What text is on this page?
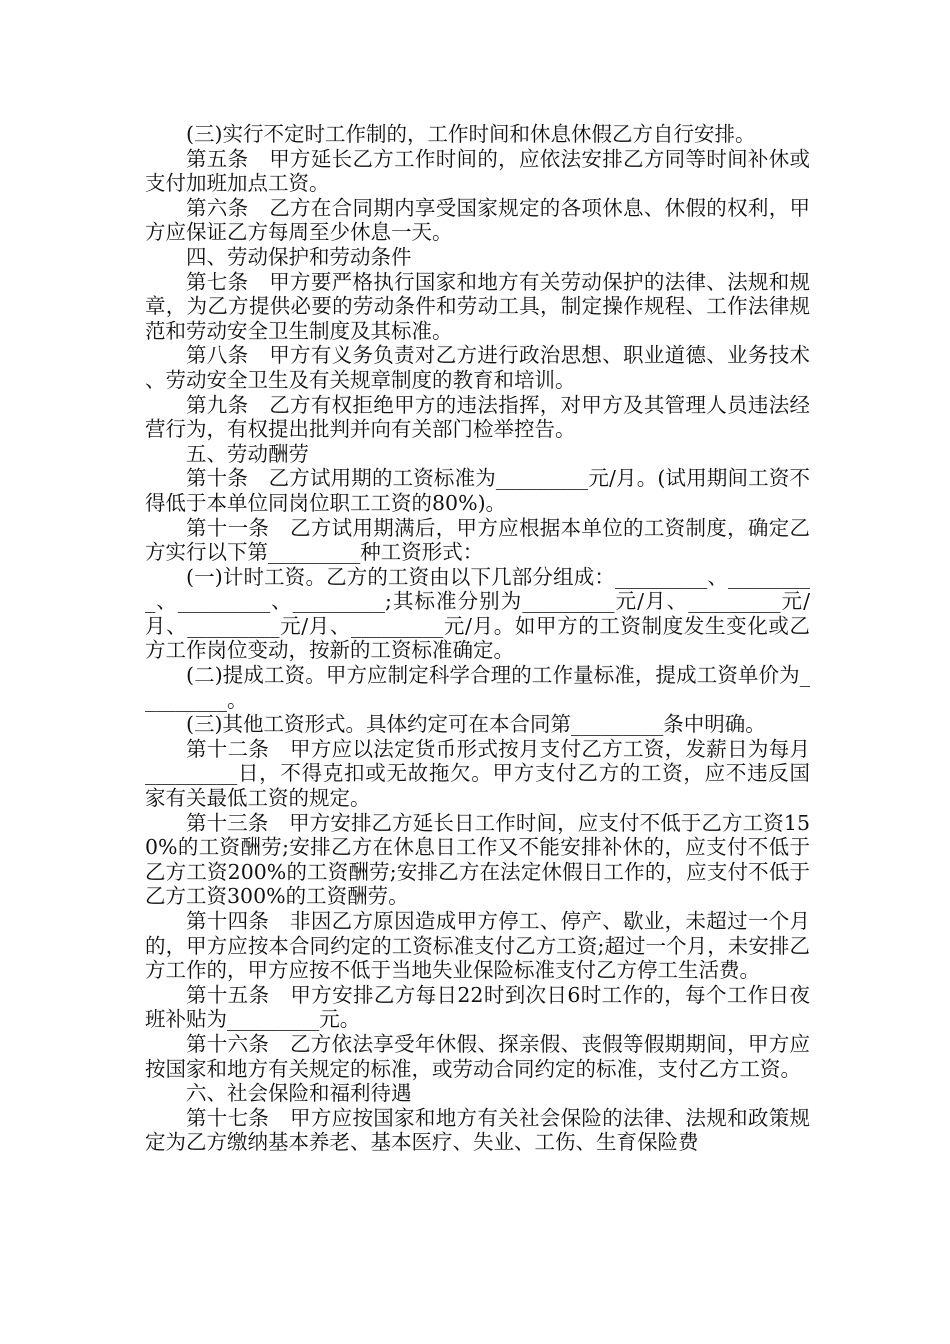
(三)实行不定时工作制的，工作时间和休息休假乙方自行安排。

第五条　甲方延长乙方工作时间的，应依法安排乙方同等时间补休或支付加班加点工资。

第六条　乙方在合同期内享受国家规定的各项休息、休假的权利，甲方应保证乙方每周至少休息一天。

四、劳动保护和劳动条件

第七条　甲方要严格执行国家和地方有关劳动保护的法律、法规和规章，为乙方提供必要的劳动条件和劳动工具，制定操作规程、工作法律规范和劳动安全卫生制度及其标准。

第八条　甲方有义务负责对乙方进行政治思想、职业道德、业务技术、劳动安全卫生及有关规章制度的教育和培训。

第九条　乙方有权拒绝甲方的违法指挥，对甲方及其管理人员违法经营行为，有权提出批判并向有关部门检举控告。

五、劳动酬劳

第十条　乙方试用期的工资标准为_________元/月。(试用期间工资不得低于本单位同岗位职工工资的80%)。

第十一条　乙方试用期满后，甲方应根据本单位的工资制度，确定乙方实行以下第_________种工资形式：

(一)计时工资。乙方的工资由以下几部分组成：_________、_________、_________、_________;其标准分别为_________元/月、_________元/月、_________元/月、_________元/月。如甲方的工资制度发生变化或乙方工作岗位变动，按新的工资标准确定。

(二)提成工资。甲方应制定科学合理的工作量标准，提成工资单价为_________。

(三)其他工资形式。具体约定可在本合同第_________条中明确。

第十二条　甲方应以法定货币形式按月支付乙方工资，发薪日为每月_________日，不得克扣或无故拖欠。甲方支付乙方的工资，应不违反国家有关最低工资的规定。

第十三条　甲方安排乙方延长日工作时间，应支付不低于乙方工资150%的工资酬劳;安排乙方在休息日工作又不能安排补休的，应支付不低于乙方工资200%的工资酬劳;安排乙方在法定休假日工作的，应支付不低于乙方工资300%的工资酬劳。

第十四条　非因乙方原因造成甲方停工、停产、歇业，未超过一个月的，甲方应按本合同约定的工资标准支付乙方工资;超过一个月，未安排乙方工作的，甲方应按不低于当地失业保险标准支付乙方停工生活费。

第十五条　甲方安排乙方每日22时到次日6时工作的，每个工作日夜班补贴为_________元。

第十六条　乙方依法享受年休假、探亲假、丧假等假期期间，甲方应按国家和地方有关规定的标准，或劳动合同约定的标准，支付乙方工资。

六、社会保险和福利待遇

第十七条　甲方应按国家和地方有关社会保险的法律、法规和政策规定为乙方缴纳基本养老、基本医疗、失业、工伤、生育保险费
